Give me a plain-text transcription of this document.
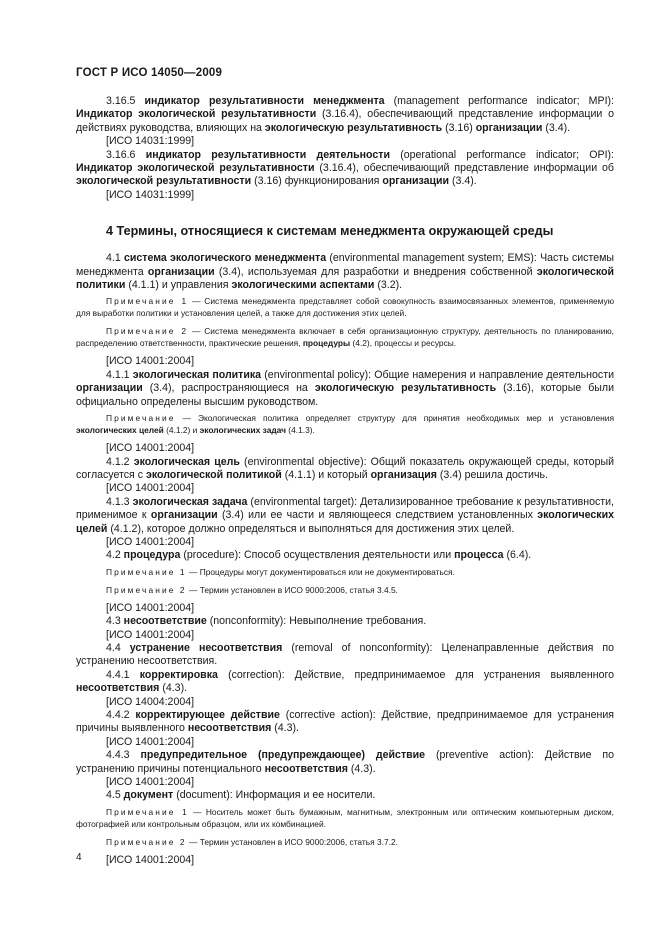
ГОСТ Р ИСО 14050—2009

3.16.5 индикатор результативности менеджмента (management performance indicator; MPI): Индикатор экологической результативности (3.16.4), обеспечивающий представление информации о действиях руководства, влияющих на экологическую результативность (3.16) организации (3.4).

[ИСО 14031:1999]

3.16.6 индикатор результативности деятельности (operational performance indicator; OPI): Индикатор экологической результативности (3.16.4), обеспечивающий представление информации об экологической результативности (3.16) функционирования организации (3.4).

[ИСО 14031:1999]

4 Термины, относящиеся к системам менеджмента окружающей среды

4.1 система экологического менеджмента (environmental management system; EMS): Часть системы менеджмента организации (3.4), используемая для разработки и внедрения собственной экологической политики (4.1.1) и управления экологическими аспектами (3.2).

Примечание 1 — Система менеджмента представляет собой совокупность взаимосвязанных элементов, применяемую для выработки политики и установления целей, а также для достижения этих целей.

Примечание 2 — Система менеджмента включает в себя организационную структуру, деятельность по планированию, распределению ответственности, практические решения, процедуры (4.2), процессы и ресурсы.

[ИСО 14001:2004]

4.1.1 экологическая политика (environmental policy): Общие намерения и направление деятельности организации (3.4), распространяющиеся на экологическую результативность (3.16), которые были официально определены высшим руководством.

Примечание — Экологическая политика определяет структуру для принятия необходимых мер и установления экологических целей (4.1.2) и экологических задач (4.1.3).

[ИСО 14001:2004]

4.1.2 экологическая цель (environmental objective): Общий показатель окружающей среды, который согласуется с экологической политикой (4.1.1) и который организация (3.4) решила достичь.

[ИСО 14001:2004]

4.1.3 экологическая задача (environmental target): Детализированное требование к результативности, применимое к организации (3.4) или ее части и являющееся следствием установленных экологических целей (4.1.2), которое должно определяться и выполняться для достижения этих целей.

[ИСО 14001:2004]

4.2 процедура (procedure): Способ осуществления деятельности или процесса (6.4).

Примечание 1 — Процедуры могут документироваться или не документироваться.

Примечание 2 — Термин установлен в ИСО 9000:2006, статья 3.4.5.

[ИСО 14001:2004]

4.3 несоответствие (nonconformity): Невыполнение требования.

[ИСО 14001:2004]

4.4 устранение несоответствия (removal of nonconformity): Целенаправленные действия по устранению несоответствия.

4.4.1 корректировка (correction): Действие, предпринимаемое для устранения выявленного несоответствия (4.3).

[ИСО 14004:2004]

4.4.2 корректирующее действие (corrective action): Действие, предпринимаемое для устранения причины выявленного несоответствия (4.3).

[ИСО 14001:2004]

4.4.3 предупредительное (предупреждающее) действие (preventive action): Действие по устранению причины потенциального несоответствия (4.3).

[ИСО 14001:2004]

4.5 документ (document): Информация и ее носители.

Примечание 1 — Носитель может быть бумажным, магнитным, электронным или оптическим компьютерным диском, фотографией или контрольным образцом, или их комбинацией.

Примечание 2 — Термин установлен в ИСО 9000:2006, статья 3.7.2.

[ИСО 14001:2004]

4
